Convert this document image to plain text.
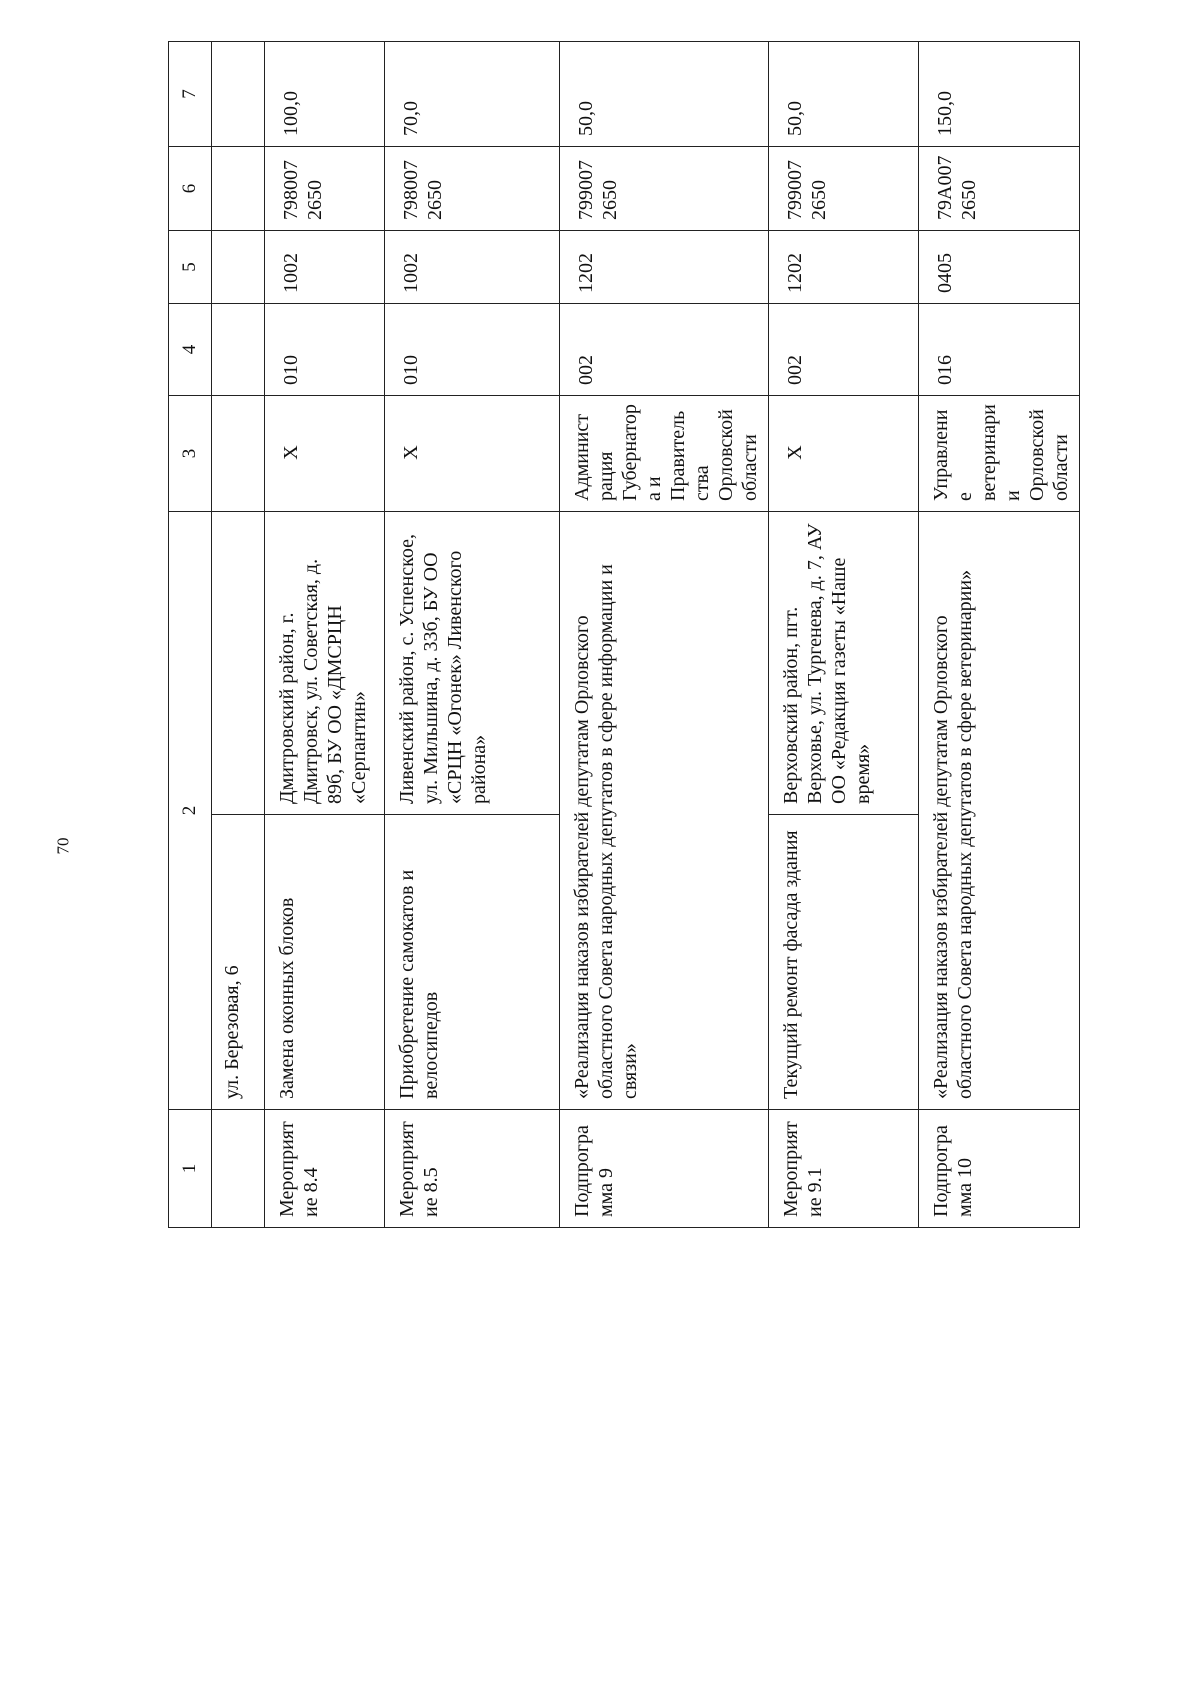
70
1	2		3	4	5	6	7
	ул. Березовая, 6						
Мероприятие 8.4	Замена оконных блоков	Дмитровский район, г. Дмитровск, ул. Советская, д. 89б, БУ ОО «ДМСРЦН «Серпантин»	Х	010	1002	7980072650	100,0
Мероприятие 8.5	Приобретение самокатов и велосипедов	Ливенский район, с. Успенское, ул. Мильшина, д. 33б, БУ ОО «СРЦН «Огонек» Ливенского района»	Х	010	1002	7980072650	70,0
Подпрограмма 9	«Реализация наказов избирателей депутатам Орловского областного Совета народных депутатов в сфере информации и связи»		Администрация Губернатора и Правительства Орловской области	002	1202	7990072650	50,0
Мероприятие 9.1	Текущий ремонт фасада здания	Верховский район, пгт. Верховье, ул. Тургенева, д. 7, АУ ОО «Редакция газеты «Наше время»	Х	002	1202	7990072650	50,0
Подпрограмма 10	«Реализация наказов избирателей депутатам Орловского областного Совета народных депутатов в сфере ветеринарии»		Управление ветеринарии Орловской области	016	0405	79А0072650	150,0
